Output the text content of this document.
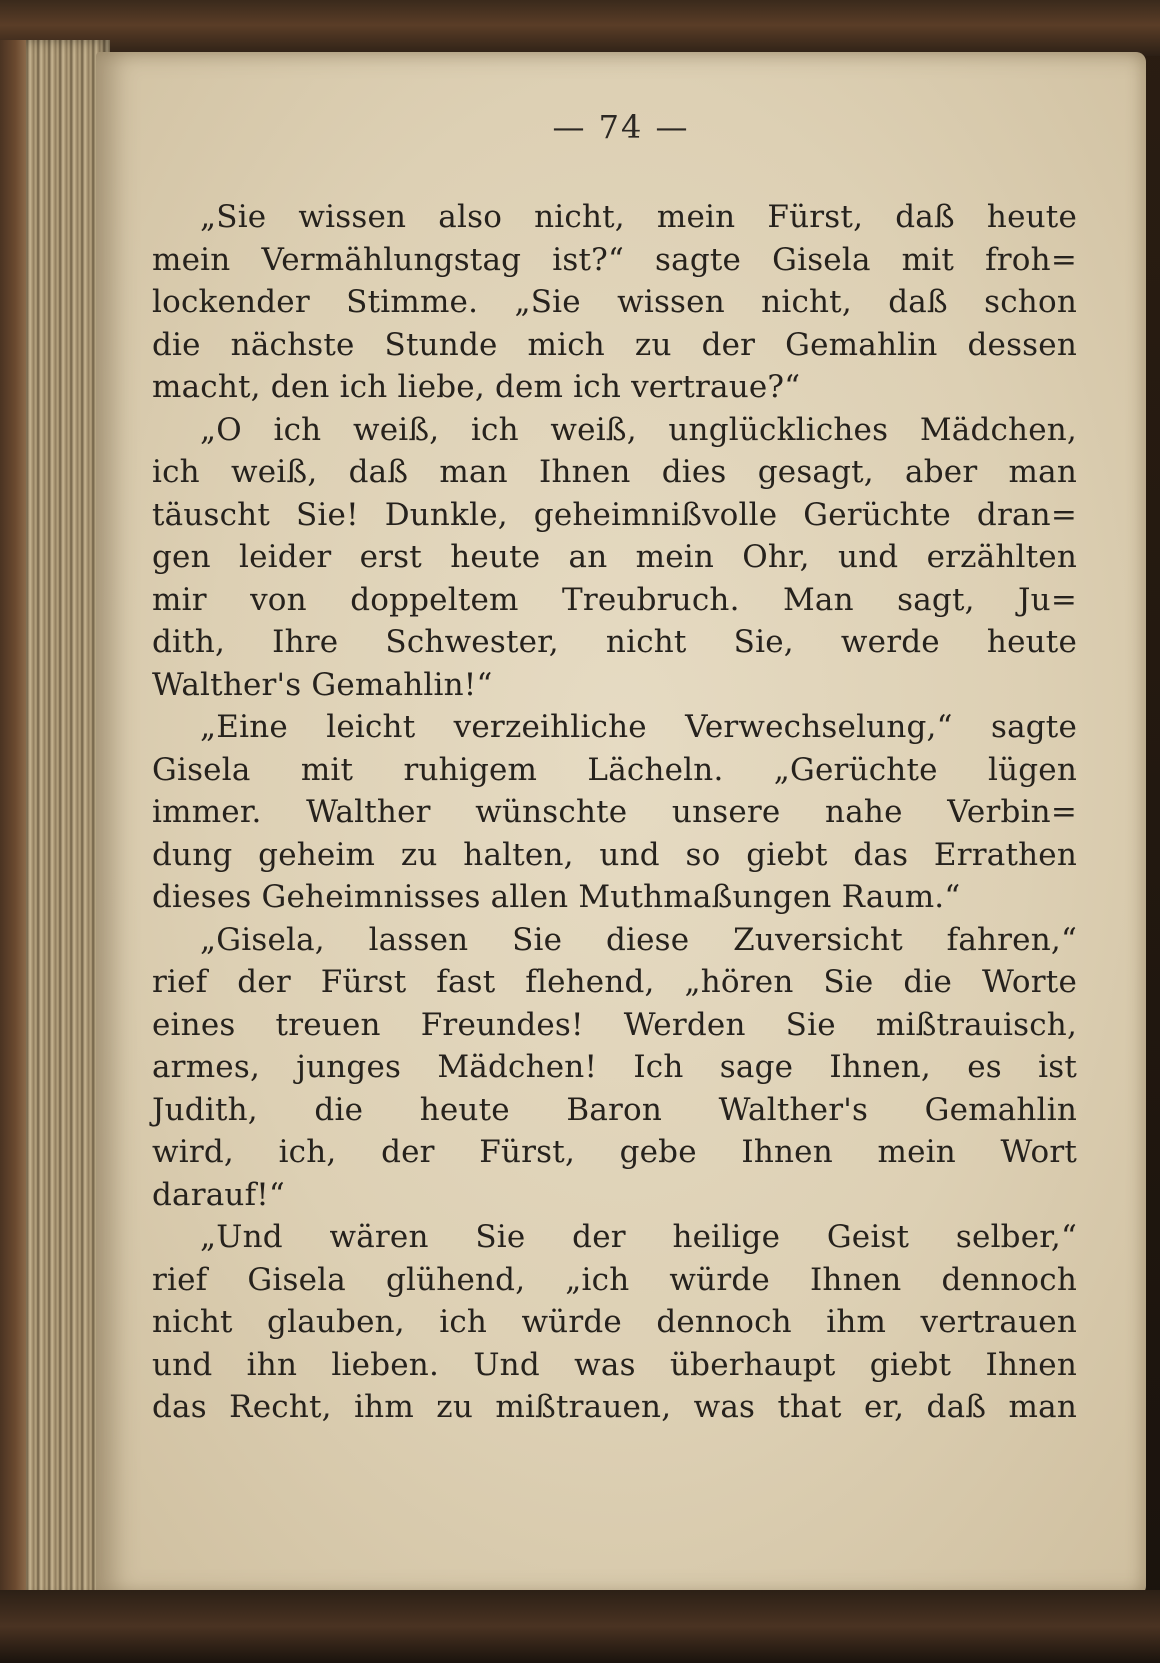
— 74 —
„Sie wissen also nicht, mein Fürst, daß heute
mein Vermählungstag ist?“ sagte Gisela mit froh=
lockender Stimme. „Sie wissen nicht, daß schon
die nächste Stunde mich zu der Gemahlin dessen
macht, den ich liebe, dem ich vertraue?“
„O ich weiß, ich weiß, unglückliches Mädchen,
ich weiß, daß man Ihnen dies gesagt, aber man
täuscht Sie! Dunkle, geheimnißvolle Gerüchte dran=
gen leider erst heute an mein Ohr, und erzählten
mir von doppeltem Treubruch. Man sagt, Ju=
dith, Ihre Schwester, nicht Sie, werde heute
Walther's Gemahlin!“
„Eine leicht verzeihliche Verwechselung,“ sagte
Gisela mit ruhigem Lächeln. „Gerüchte lügen
immer. Walther wünschte unsere nahe Verbin=
dung geheim zu halten, und so giebt das Errathen
dieses Geheimnisses allen Muthmaßungen Raum.“
„Gisela, lassen Sie diese Zuversicht fahren,“
rief der Fürst fast flehend, „hören Sie die Worte
eines treuen Freundes! Werden Sie mißtrauisch,
armes, junges Mädchen! Ich sage Ihnen, es ist
Judith, die heute Baron Walther's Gemahlin
wird, ich, der Fürst, gebe Ihnen mein Wort
darauf!“
„Und wären Sie der heilige Geist selber,“
rief Gisela glühend, „ich würde Ihnen dennoch
nicht glauben, ich würde dennoch ihm vertrauen
und ihn lieben. Und was überhaupt giebt Ihnen
das Recht, ihm zu mißtrauen, was that er, daß man
